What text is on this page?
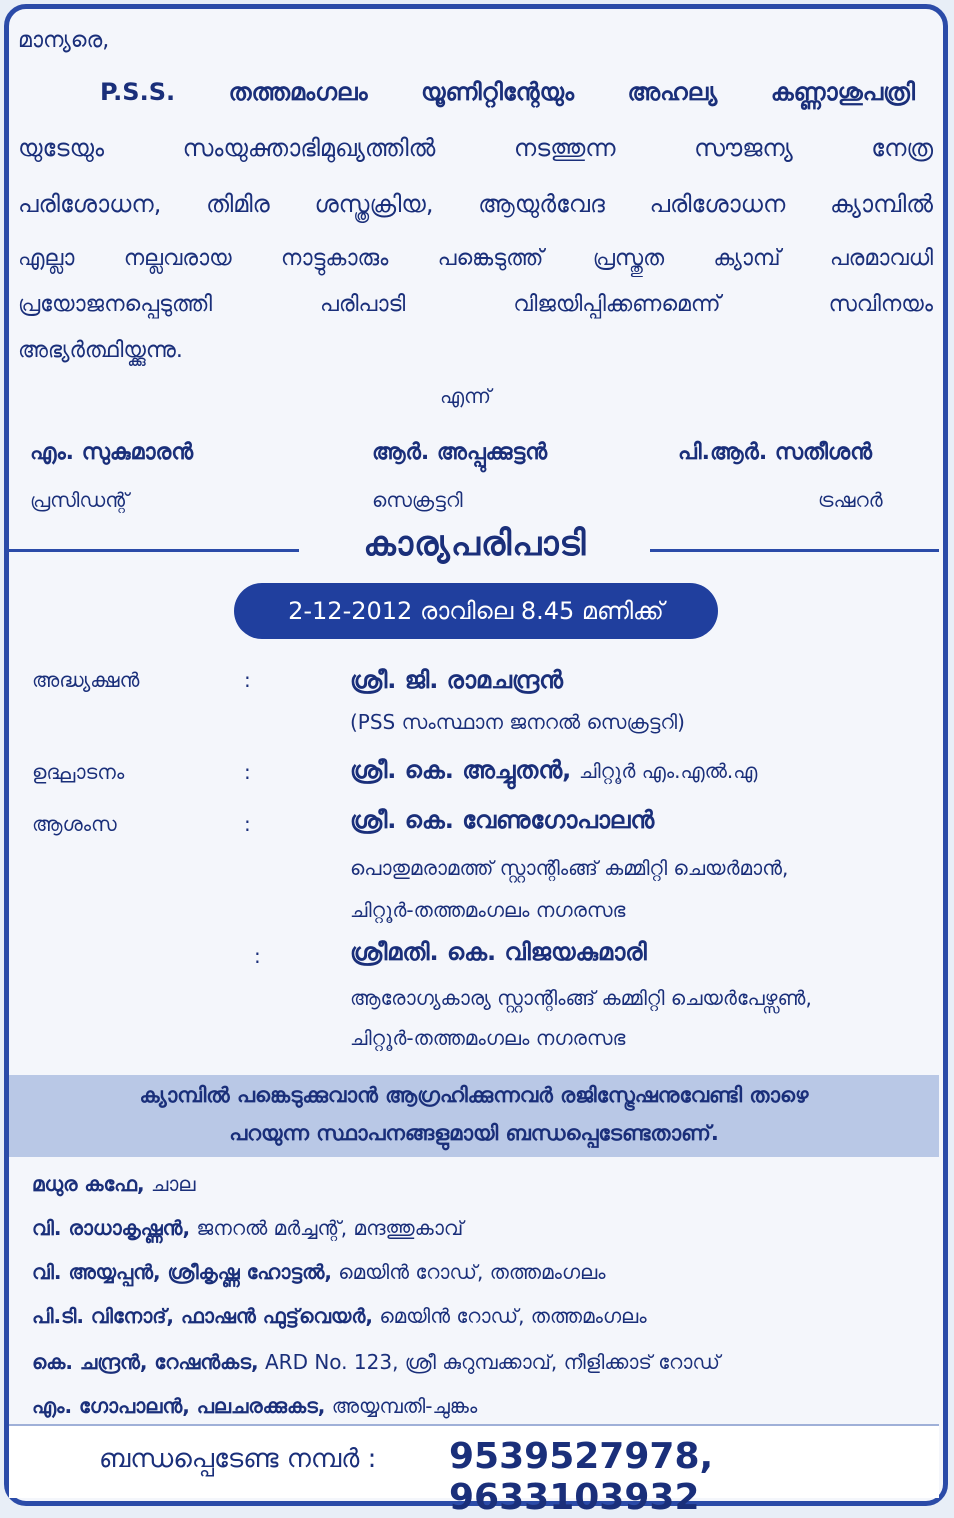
മാന്യരെ,
P.S.S. തത്തമംഗലം യൂണിറ്റിന്റേയും അഹല്യ കണ്ണാശുപത്രി
യുടേയും സംയുക്താഭിമുഖ്യത്തിൽ നടത്തുന്ന സൗജന്യ നേത്ര
പരിശോധന, തിമിര ശസ്ത്രക്രിയ, ആയുർവേദ പരിശോധന ക്യാമ്പിൽ
എല്ലാ നല്ലവരായ നാട്ടുകാരും പങ്കെടുത്ത് പ്രസ്തുത ക്യാമ്പ് പരമാവധി
പ്രയോജനപ്പെടുത്തി പരിപാടി വിജയിപ്പിക്കണമെന്ന് സവിനയം
അഭ്യർത്ഥിയ്ക്കുന്നു.
എന്ന്
എം. സുകുമാരൻ	ആർ. അപ്പുക്കുട്ടൻ	പി.ആർ. സതീശൻ
പ്രസിഡന്റ്	സെക്രട്ടറി	ട്രഷറർ
കാര്യപരിപാടി
2-12-2012 രാവിലെ 8.45 മണിക്ക്
അദ്ധ്യക്ഷൻ	:	ശ്രീ. ജി. രാമചന്ദ്രൻ
(PSS സംസ്ഥാന ജനറൽ സെക്രട്ടറി)
ഉദ്ഘാടനം	:	ശ്രീ. കെ. അച്ചുതൻ, ചിറ്റൂർ എം.എൽ.എ
ആശംസ	:	ശ്രീ. കെ. വേണുഗോപാലൻ
പൊതുമരാമത്ത് സ്റ്റാന്റിംങ്ങ് കമ്മിറ്റി ചെയർമാൻ,
ചിറ്റൂർ-തത്തമംഗലം നഗരസഭ
:	ശ്രീമതി. കെ. വിജയകുമാരി
ആരോഗ്യകാര്യ സ്റ്റാന്റിംങ്ങ് കമ്മിറ്റി ചെയർപേഴ്സൺ,
ചിറ്റൂർ-തത്തമംഗലം നഗരസഭ
ക്യാമ്പിൽ പങ്കെടുക്കുവാൻ ആഗ്രഹിക്കുന്നവർ രജിസ്ട്രേഷനുവേണ്ടി താഴെ
പറയുന്ന സ്ഥാപനങ്ങളുമായി ബന്ധപ്പെടേണ്ടതാണ്.
മധുര കഫേ, ചാല
വി. രാധാകൃഷ്ണൻ, ജനറൽ മർച്ചന്റ്, മന്ദത്തുകാവ്
വി. അയ്യപ്പൻ, ശ്രീകൃഷ്ണ ഹോട്ടൽ, മെയിൻ റോഡ്, തത്തമംഗലം
പി.ടി. വിനോദ്, ഫാഷൻ ഫുട്ട്‌വെയർ, മെയിൻ റോഡ്, തത്തമംഗലം
കെ. ചന്ദ്രൻ, റേഷൻകട, ARD No. 123, ശ്രീ കുറുമ്പക്കാവ്, നീളിക്കാട് റോഡ്
എം. ഗോപാലൻ, പലചരക്കുകട, അയ്യമ്പതി-ചുങ്കം
ബന്ധപ്പെടേണ്ട നമ്പർ : 9539527978, 9633103932
